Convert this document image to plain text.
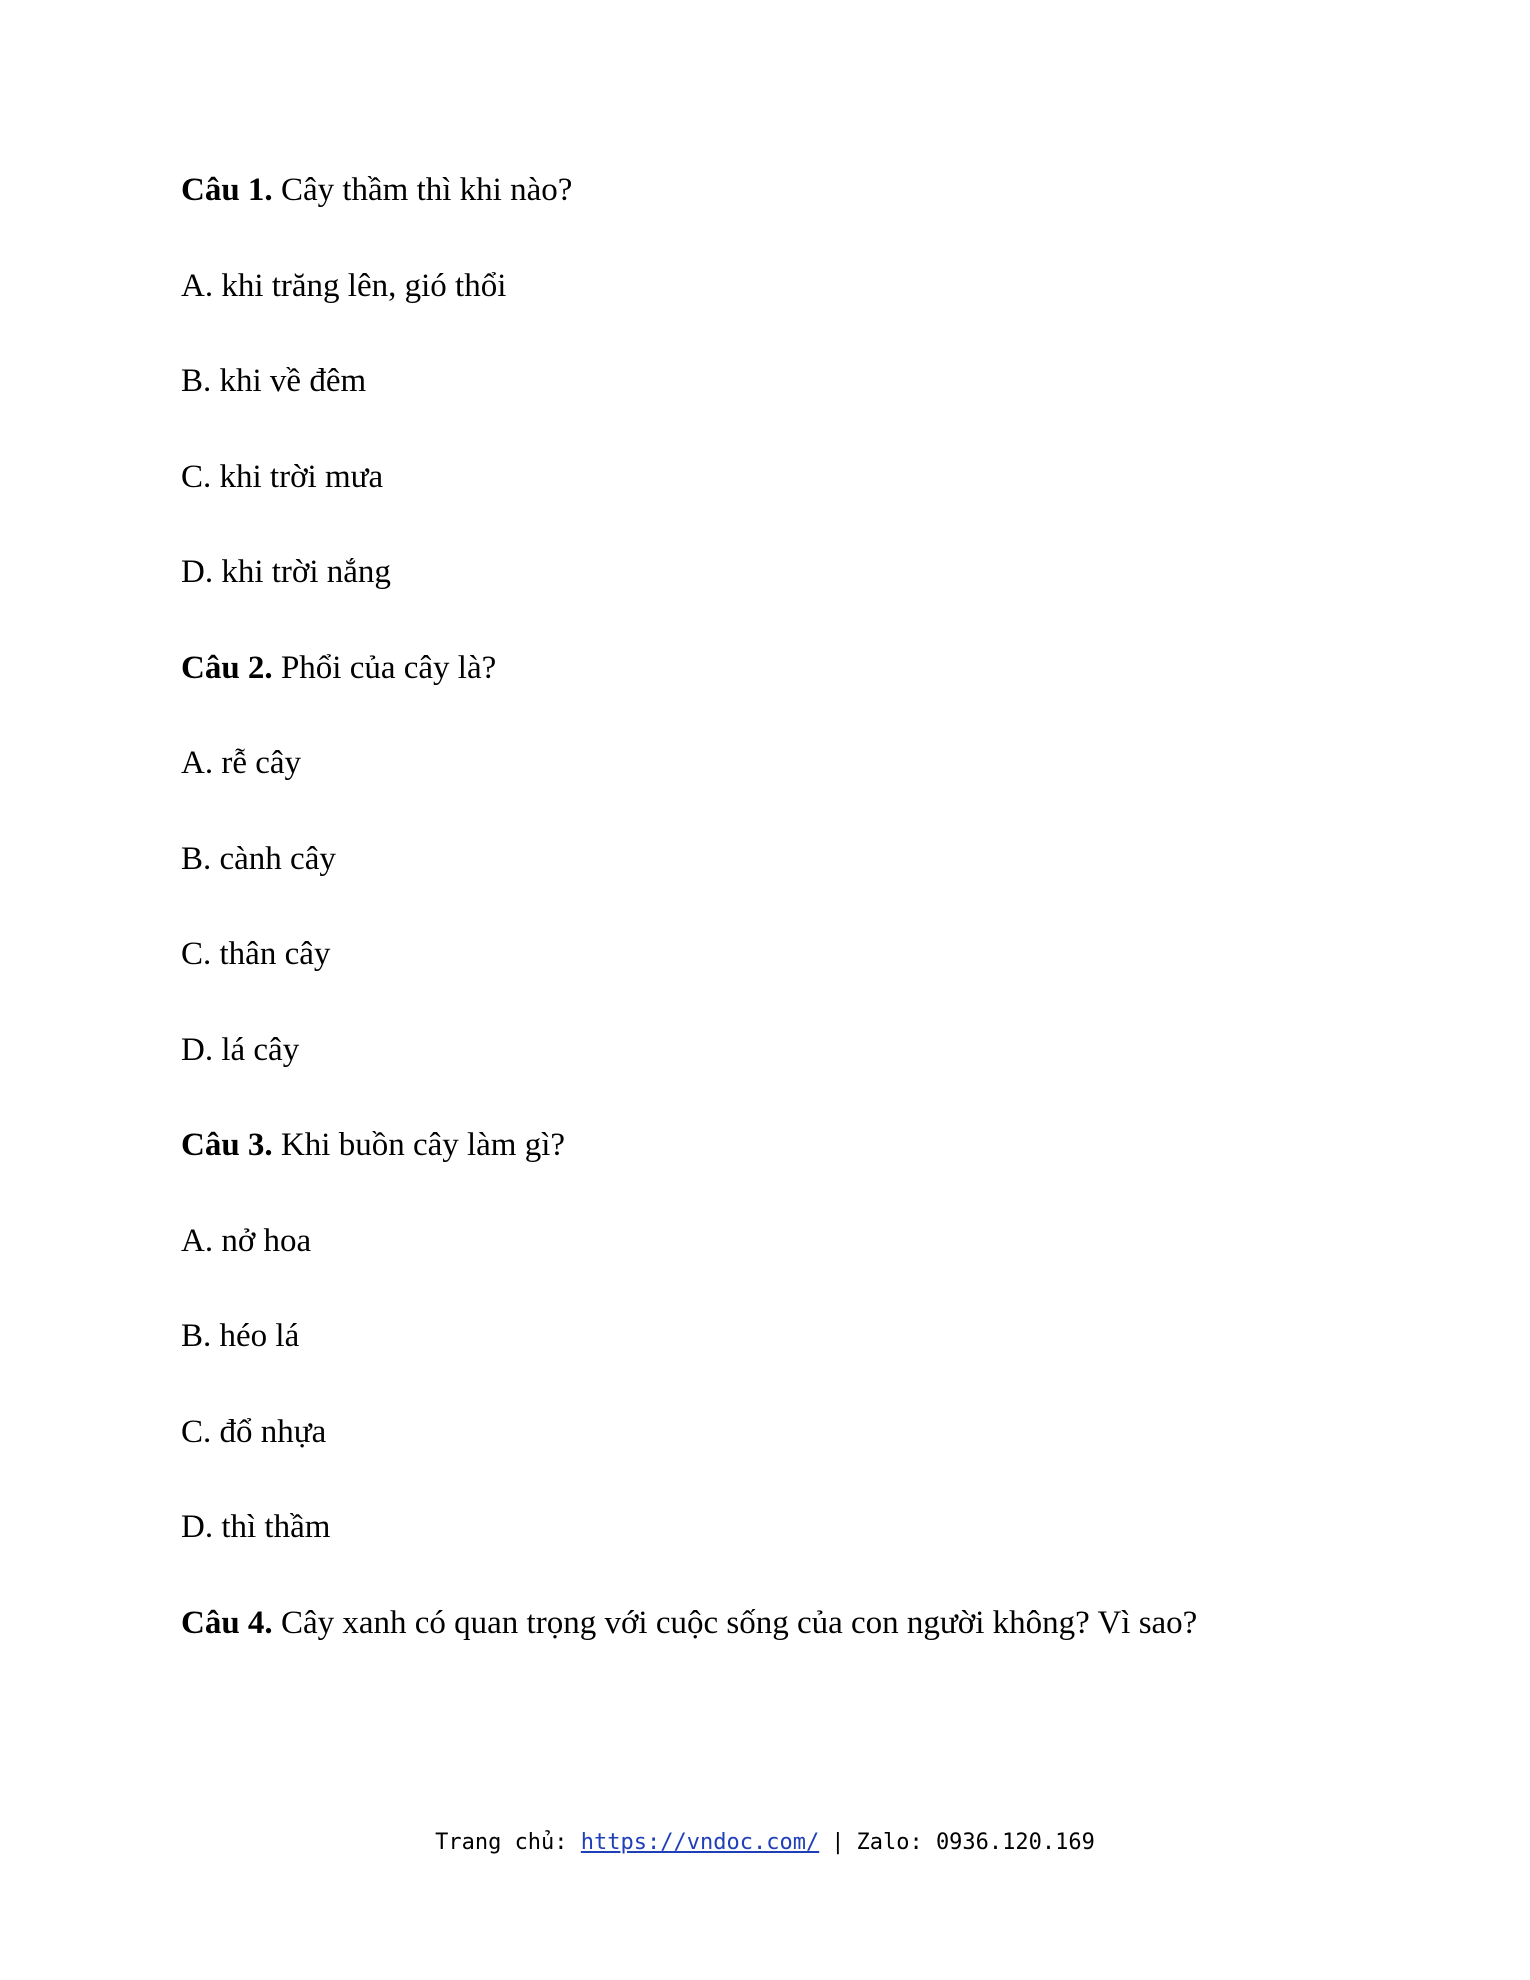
Câu 1. Cây thầm thì khi nào?
A. khi trăng lên, gió thổi
B. khi về đêm
C. khi trời mưa
D. khi trời nắng
Câu 2. Phổi của cây là?
A. rễ cây
B. cành cây
C. thân cây
D. lá cây
Câu 3. Khi buồn cây làm gì?
A. nở hoa
B. héo lá
C. đổ nhựa
D. thì thầm
Câu 4. Cây xanh có quan trọng với cuộc sống của con người không? Vì sao?
Trang chủ: https://vndoc.com/ | Zalo: 0936.120.169
